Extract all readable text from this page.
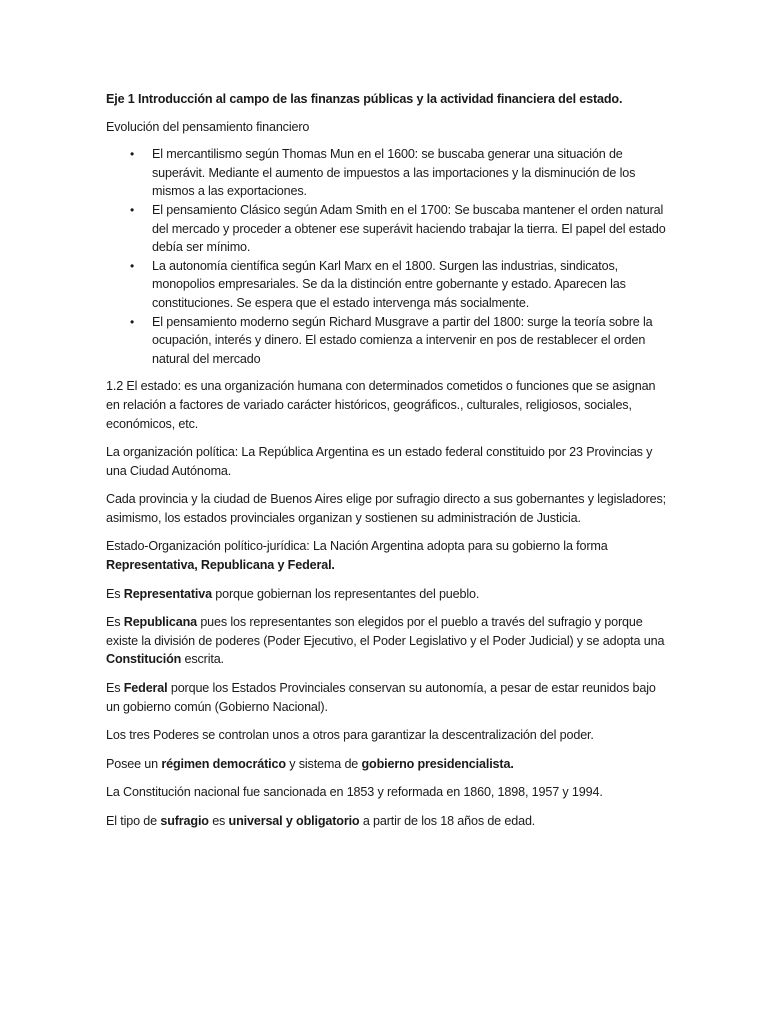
Eje 1 Introducción al campo de las finanzas públicas y la actividad financiera del estado.

Evolución del pensamiento financiero

• El mercantilismo según Thomas Mun en el 1600: se buscaba generar una situación de superávit. Mediante el aumento de impuestos a las importaciones y la disminución de los mismos a las exportaciones.
• El pensamiento Clásico según Adam Smith en el 1700: Se buscaba mantener el orden natural del mercado y proceder a obtener ese superávit haciendo trabajar la tierra. El papel del estado debía ser mínimo.
• La autonomía científica según Karl Marx en el 1800. Surgen las industrias, sindicatos, monopolios empresariales. Se da la distinción entre gobernante y estado. Aparecen las constituciones. Se espera que el estado intervenga más socialmente.
• El pensamiento moderno según Richard Musgrave a partir del 1800: surge la teoría sobre la ocupación, interés y dinero. El estado comienza a intervenir en pos de restablecer el orden natural del mercado

1.2 El estado: es una organización humana con determinados cometidos o funciones que se asignan en relación a factores de variado carácter históricos, geográficos., culturales, religiosos, sociales, económicos, etc.

La organización política: La República Argentina es un estado federal constituido por 23 Provincias y una Ciudad Autónoma.

Cada provincia y la ciudad de Buenos Aires elige por sufragio directo a sus gobernantes y legisladores; asimismo, los estados provinciales organizan y sostienen su administración de Justicia.

Estado-Organización político-jurídica: La Nación Argentina adopta para su gobierno la forma Representativa, Republicana y Federal.

Es Representativa porque gobiernan los representantes del pueblo.

Es Republicana pues los representantes son elegidos por el pueblo a través del sufragio y porque existe la división de poderes (Poder Ejecutivo, el Poder Legislativo y el Poder Judicial) y se adopta una Constitución escrita.

Es Federal porque los Estados Provinciales conservan su autonomía, a pesar de estar reunidos bajo un gobierno común (Gobierno Nacional).

Los tres Poderes se controlan unos a otros para garantizar la descentralización del poder.

Posee un régimen democrático y sistema de gobierno presidencialista.

La Constitución nacional fue sancionada en 1853 y reformada en 1860, 1898, 1957 y 1994.

El tipo de sufragio es universal y obligatorio a partir de los 18 años de edad.
